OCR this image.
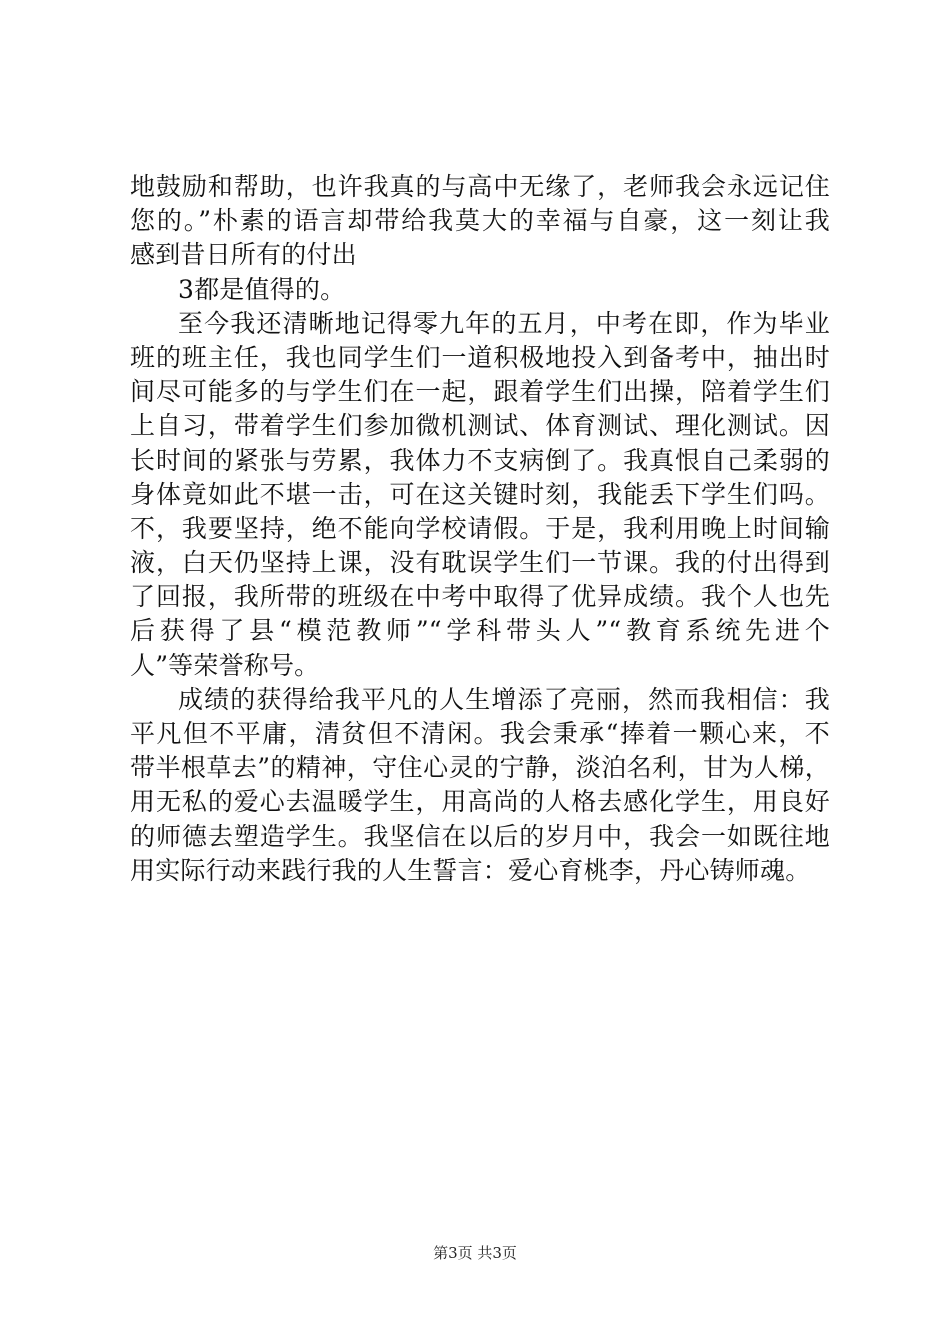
地鼓励和帮助，也许我真的与高中无缘了，老师我会永远记住
您的。”朴素的语言却带给我莫大的幸福与自豪，这一刻让我
感到昔日所有的付出
3都是值得的。
至今我还清晰地记得零九年的五月，中考在即，作为毕业
班的班主任，我也同学生们一道积极地投入到备考中，抽出时
间尽可能多的与学生们在一起，跟着学生们出操，陪着学生们
上自习，带着学生们参加微机测试、体育测试、理化测试。因
长时间的紧张与劳累，我体力不支病倒了。我真恨自己柔弱的
身体竟如此不堪一击，可在这关键时刻，我能丢下学生们吗。
不，我要坚持，绝不能向学校请假。于是，我利用晚上时间输
液，白天仍坚持上课，没有耽误学生们一节课。我的付出得到
了回报，我所带的班级在中考中取得了优异成绩。我个人也先
后获得了县“模范教师”“学科带头人”“教育系统先进个
人”等荣誉称号。
成绩的获得给我平凡的人生增添了亮丽，然而我相信：我
平凡但不平庸，清贫但不清闲。我会秉承“捧着一颗心来，不
带半根草去”的精神，守住心灵的宁静，淡泊名利，甘为人梯，
用无私的爱心去温暖学生，用高尚的人格去感化学生，用良好
的师德去塑造学生。我坚信在以后的岁月中，我会一如既往地
用实际行动来践行我的人生誓言：爱心育桃李，丹心铸师魂。
第3页 共3页
